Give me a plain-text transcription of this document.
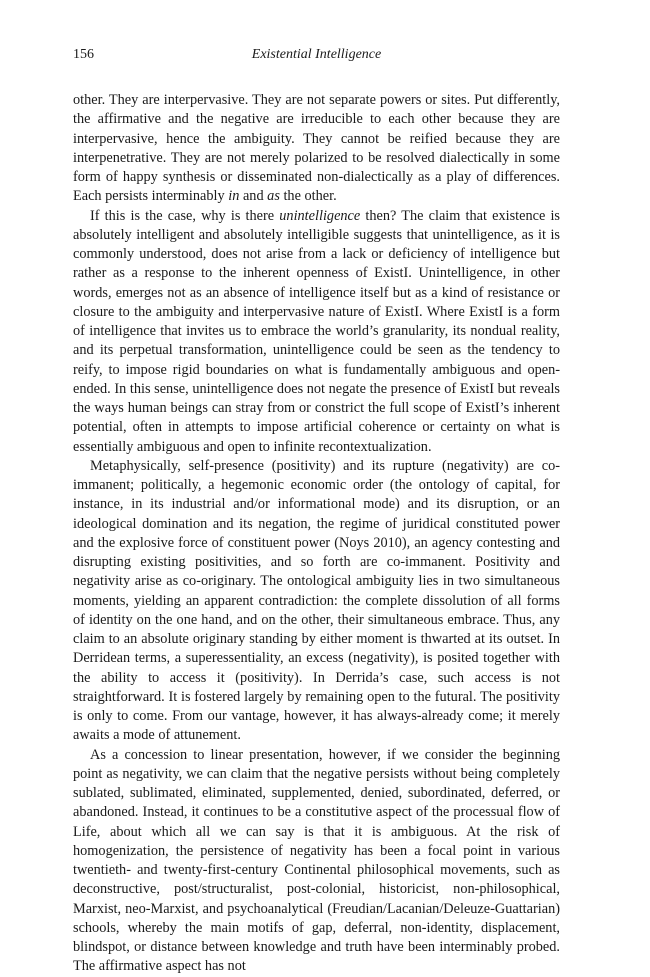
156	Existential Intelligence

other. They are interpervasive. They are not separate powers or sites. Put differently, the affirmative and the negative are irreducible to each other because they are interpervasive, hence the ambiguity. They cannot be reified because they are interpenetrative. They are not merely polarized to be resolved dialectically in some form of happy synthesis or disseminated non-dialectically as a play of differences. Each persists interminably in and as the other.

If this is the case, why is there unintelligence then? The claim that existence is absolutely intelligent and absolutely intelligible suggests that unintelligence, as it is commonly understood, does not arise from a lack or deficiency of intelligence but rather as a response to the inherent openness of ExistI. Unintelligence, in other words, emerges not as an absence of intelligence itself but as a kind of resistance or closure to the ambiguity and interpervasive nature of ExistI. Where ExistI is a form of intelligence that invites us to embrace the world’s granularity, its nondual reality, and its perpetual transformation, unintelligence could be seen as the tendency to reify, to impose rigid boundaries on what is fundamentally ambiguous and open-ended. In this sense, unintelligence does not negate the presence of ExistI but reveals the ways human beings can stray from or constrict the full scope of ExistI’s inherent potential, often in attempts to impose artificial coherence or certainty on what is essentially ambiguous and open to infinite recontextualization.

Metaphysically, self-presence (positivity) and its rupture (negativity) are co-immanent; politically, a hegemonic economic order (the ontology of capital, for instance, in its industrial and/or informational mode) and its disruption, or an ideological domination and its negation, the regime of juridical constituted power and the explosive force of constituent power (Noys 2010), an agency contesting and disrupting existing positivities, and so forth are co-immanent. Positivity and negativity arise as co-originary. The ontological ambiguity lies in two simultaneous moments, yielding an apparent contradiction: the complete dissolution of all forms of identity on the one hand, and on the other, their simultaneous embrace. Thus, any claim to an absolute originary standing by either moment is thwarted at its outset. In Derridean terms, a superessentiality, an excess (negativity), is posited together with the ability to access it (positivity). In Derrida’s case, such access is not straightforward. It is fostered largely by remaining open to the futural. The positivity is only to come. From our vantage, however, it has always-already come; it merely awaits a mode of attunement.

As a concession to linear presentation, however, if we consider the beginning point as negativity, we can claim that the negative persists without being completely sublated, sublimated, eliminated, supplemented, denied, subordinated, deferred, or abandoned. Instead, it continues to be a constitutive aspect of the processual flow of Life, about which all we can say is that it is ambiguous. At the risk of homogenization, the persistence of negativity has been a focal point in various twentieth- and twenty-first-century Continental philosophical movements, such as deconstructive, post/structuralist, post-colonial, historicist, non-philosophical, Marxist, neo-Marxist, and psychoanalytical (Freudian/Lacanian/Deleuze-Guattarian) schools, whereby the main motifs of gap, deferral, non-identity, displacement, blindspot, or distance between knowledge and truth have been interminably probed. The affirmative aspect has not
